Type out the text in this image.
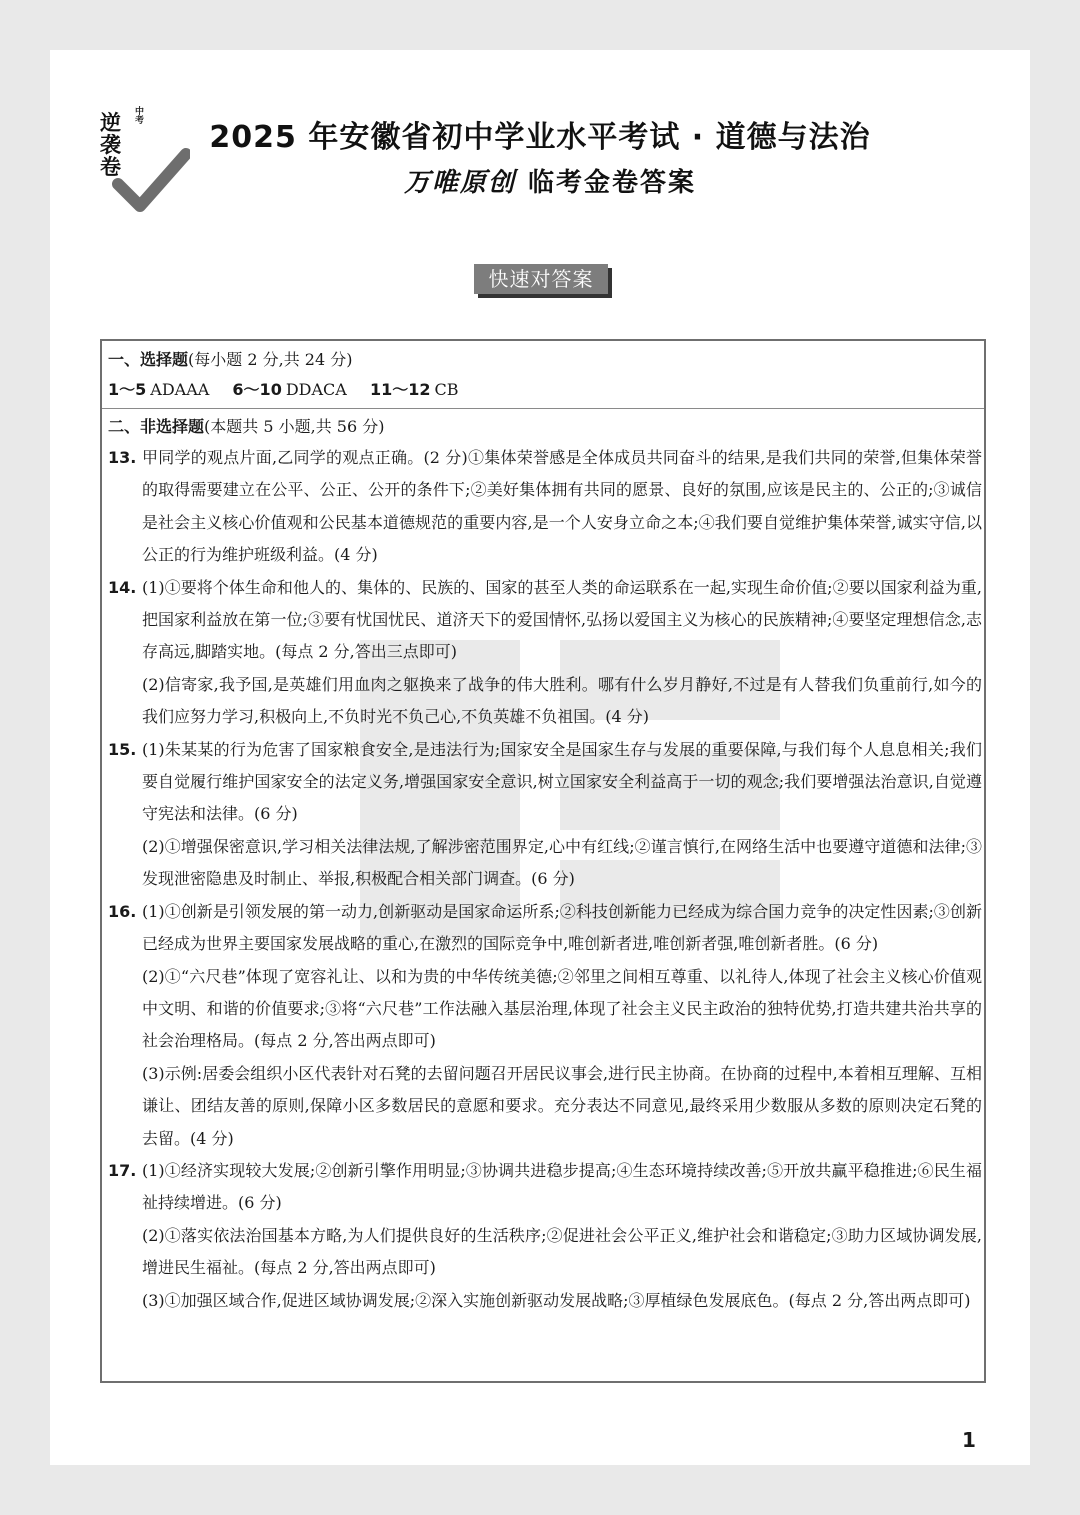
中考
逆袭卷
2025 年安徽省初中学业水平考试 · 道德与法治
万唯原创 临考金卷答案
快速对答案
一、选择题(每小题 2 分,共 24 分)
1～5 ADAAA 6～10 DDACA 11～12 CB
二、非选择题(本题共 5 小题,共 56 分)
13. 甲同学的观点片面,乙同学的观点正确。(2 分)①集体荣誉感是全体成员共同奋斗的结果,是我们共同的荣誉,但集体荣誉的取得需要建立在公平、公正、公开的条件下;②美好集体拥有共同的愿景、良好的氛围,应该是民主的、公正的;③诚信是社会主义核心价值观和公民基本道德规范的重要内容,是一个人安身立命之本;④我们要自觉维护集体荣誉,诚实守信,以公正的行为维护班级利益。(4 分)

14. (1)①要将个体生命和他人的、集体的、民族的、国家的甚至人类的命运联系在一起,实现生命价值;②要以国家利益为重,把国家利益放在第一位;③要有忧国忧民、道济天下的爱国情怀,弘扬以爱国主义为核心的民族精神;④要坚定理想信念,志存高远,脚踏实地。(每点 2 分,答出三点即可)

(2)信寄家,我予国,是英雄们用血肉之躯换来了战争的伟大胜利。哪有什么岁月静好,不过是有人替我们负重前行,如今的我们应努力学习,积极向上,不负时光不负己心,不负英雄不负祖国。(4 分)

15. (1)朱某某的行为危害了国家粮食安全,是违法行为;国家安全是国家生存与发展的重要保障,与我们每个人息息相关;我们要自觉履行维护国家安全的法定义务,增强国家安全意识,树立国家安全利益高于一切的观念;我们要增强法治意识,自觉遵守宪法和法律。(6 分)

(2)①增强保密意识,学习相关法律法规,了解涉密范围界定,心中有红线;②谨言慎行,在网络生活中也要遵守道德和法律;③发现泄密隐患及时制止、举报,积极配合相关部门调查。(6 分)

16. (1)①创新是引领发展的第一动力,创新驱动是国家命运所系;②科技创新能力已经成为综合国力竞争的决定性因素;③创新已经成为世界主要国家发展战略的重心,在激烈的国际竞争中,唯创新者进,唯创新者强,唯创新者胜。(6 分)

(2)①“六尺巷”体现了宽容礼让、以和为贵的中华传统美德;②邻里之间相互尊重、以礼待人,体现了社会主义核心价值观中文明、和谐的价值要求;③将“六尺巷”工作法融入基层治理,体现了社会主义民主政治的独特优势,打造共建共治共享的社会治理格局。(每点 2 分,答出两点即可)

(3)示例:居委会组织小区代表针对石凳的去留问题召开居民议事会,进行民主协商。在协商的过程中,本着相互理解、互相谦让、团结友善的原则,保障小区多数居民的意愿和要求。充分表达不同意见,最终采用少数服从多数的原则决定石凳的去留。(4 分)

17. (1)①经济实现较大发展;②创新引擎作用明显;③协调共进稳步提高;④生态环境持续改善;⑤开放共赢平稳推进;⑥民生福祉持续增进。(6 分)

(2)①落实依法治国基本方略,为人们提供良好的生活秩序;②促进社会公平正义,维护社会和谐稳定;③助力区域协调发展,增进民生福祉。(每点 2 分,答出两点即可)

(3)①加强区域合作,促进区域协调发展;②深入实施创新驱动发展战略;③厚植绿色发展底色。(每点 2 分,答出两点即可)

1
